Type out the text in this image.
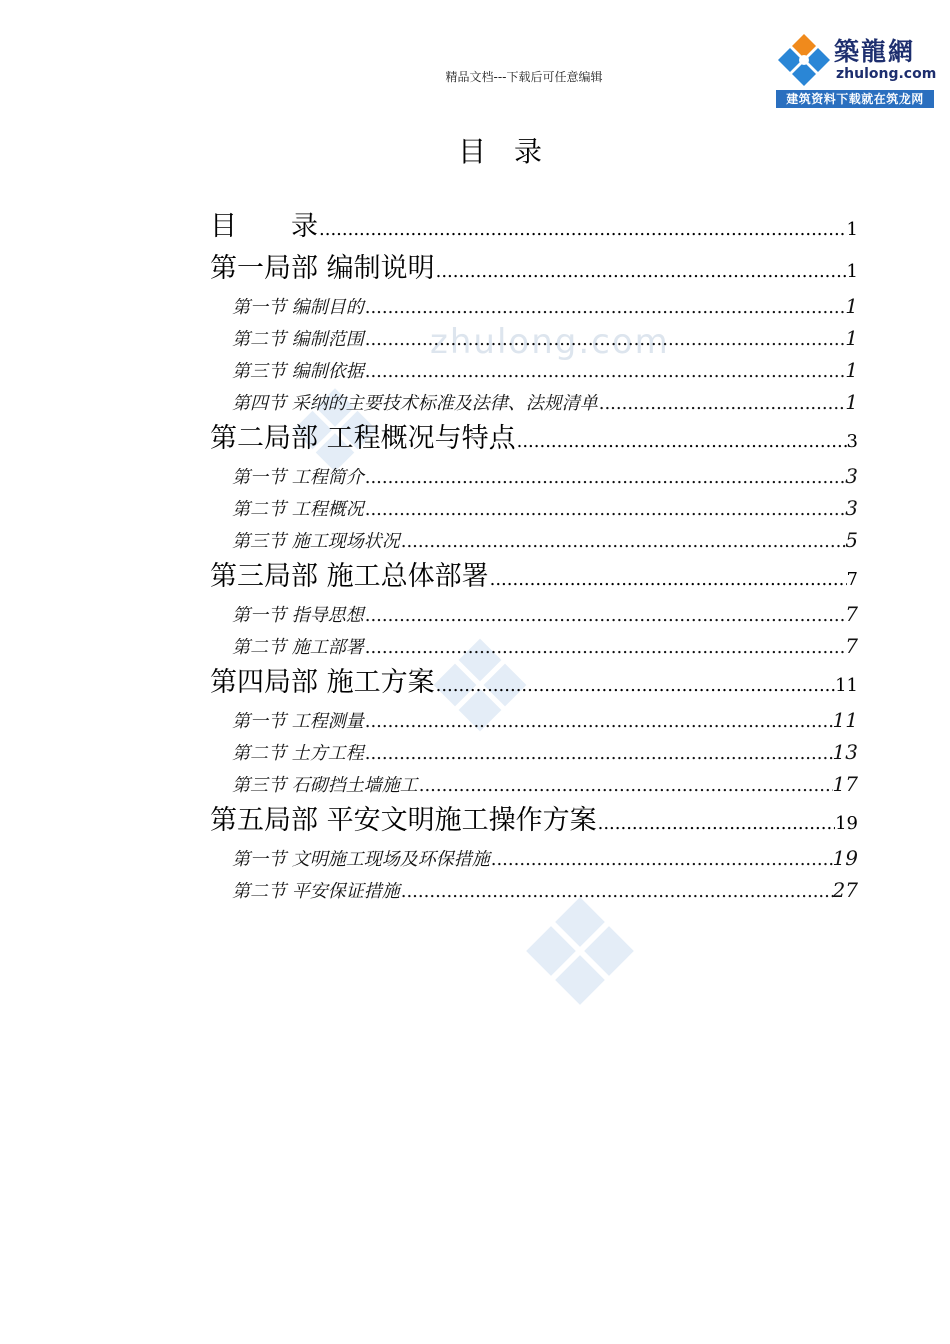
精品文档---下载后可任意编辑
築龍網
zhulong.com
建筑资料下载就在筑龙网
目　录
zhulong.com
目　　录 .....	1
第一局部 编制说明 .....	1
第一节 编制目的 .....	1
第二节 编制范围 .....	1
第三节 编制依据 .....	1
第四节 采纳的主要技术标准及法律、法规清单 .....	1
第二局部 工程概况与特点 .....	3
第一节 工程简介 .....	3
第二节 工程概况 .....	3
第三节 施工现场状况 .....	5
第三局部 施工总体部署 .....	7
第一节 指导思想 .....	7
第二节 施工部署 .....	7
第四局部 施工方案 .....	11
第一节 工程测量 .....	11
第二节 土方工程 .....	13
第三节 石砌挡土墙施工 .....	17
第五局部 平安文明施工操作方案 .....	19
第一节 文明施工现场及环保措施 .....	19
第二节 平安保证措施 .....	27
